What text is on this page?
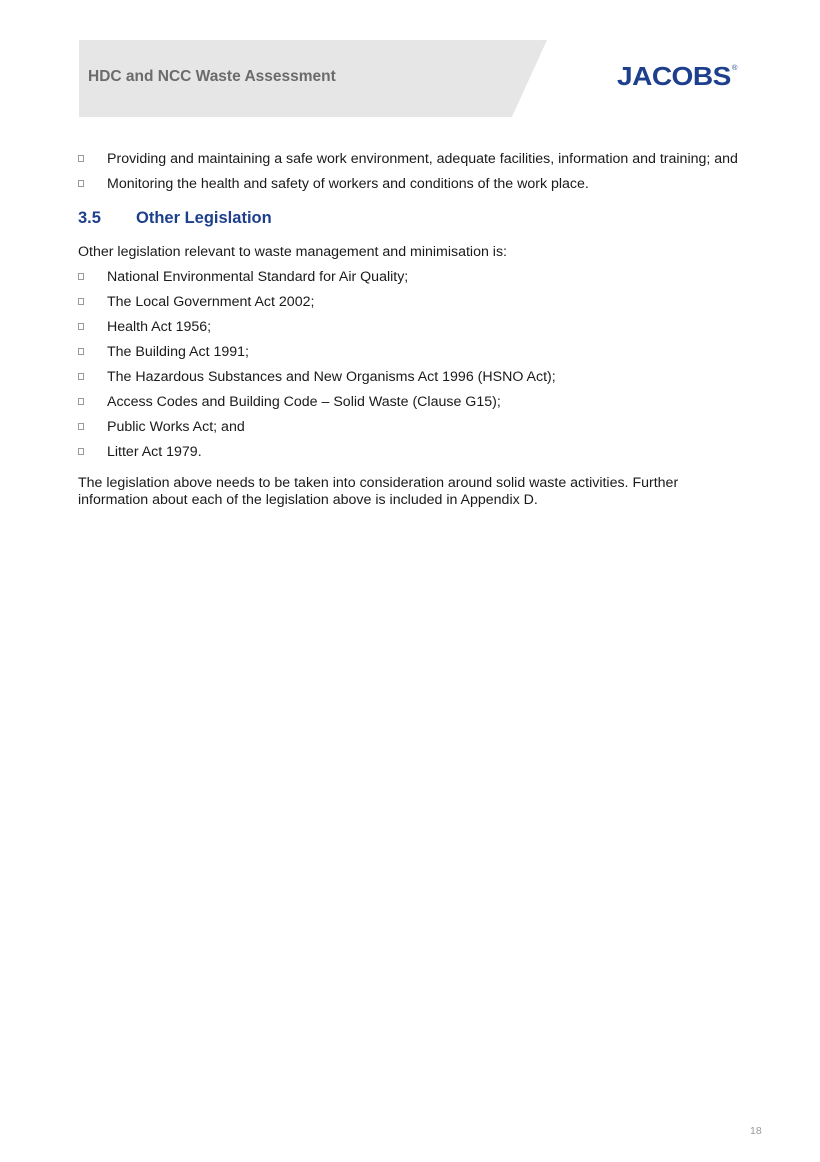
HDC and NCC Waste Assessment	JACOBS®
Providing and maintaining a safe work environment, adequate facilities, information and training; and
Monitoring the health and safety of workers and conditions of the work place.
3.5 Other Legislation
Other legislation relevant to waste management and minimisation is:
National Environmental Standard for Air Quality;
The Local Government Act 2002;
Health Act 1956;
The Building Act 1991;
The Hazardous Substances and New Organisms Act 1996 (HSNO Act);
Access Codes and Building Code – Solid Waste (Clause G15);
Public Works Act; and
Litter Act 1979.

The legislation above needs to be taken into consideration around solid waste activities. Further information about each of the legislation above is included in Appendix D.

18
